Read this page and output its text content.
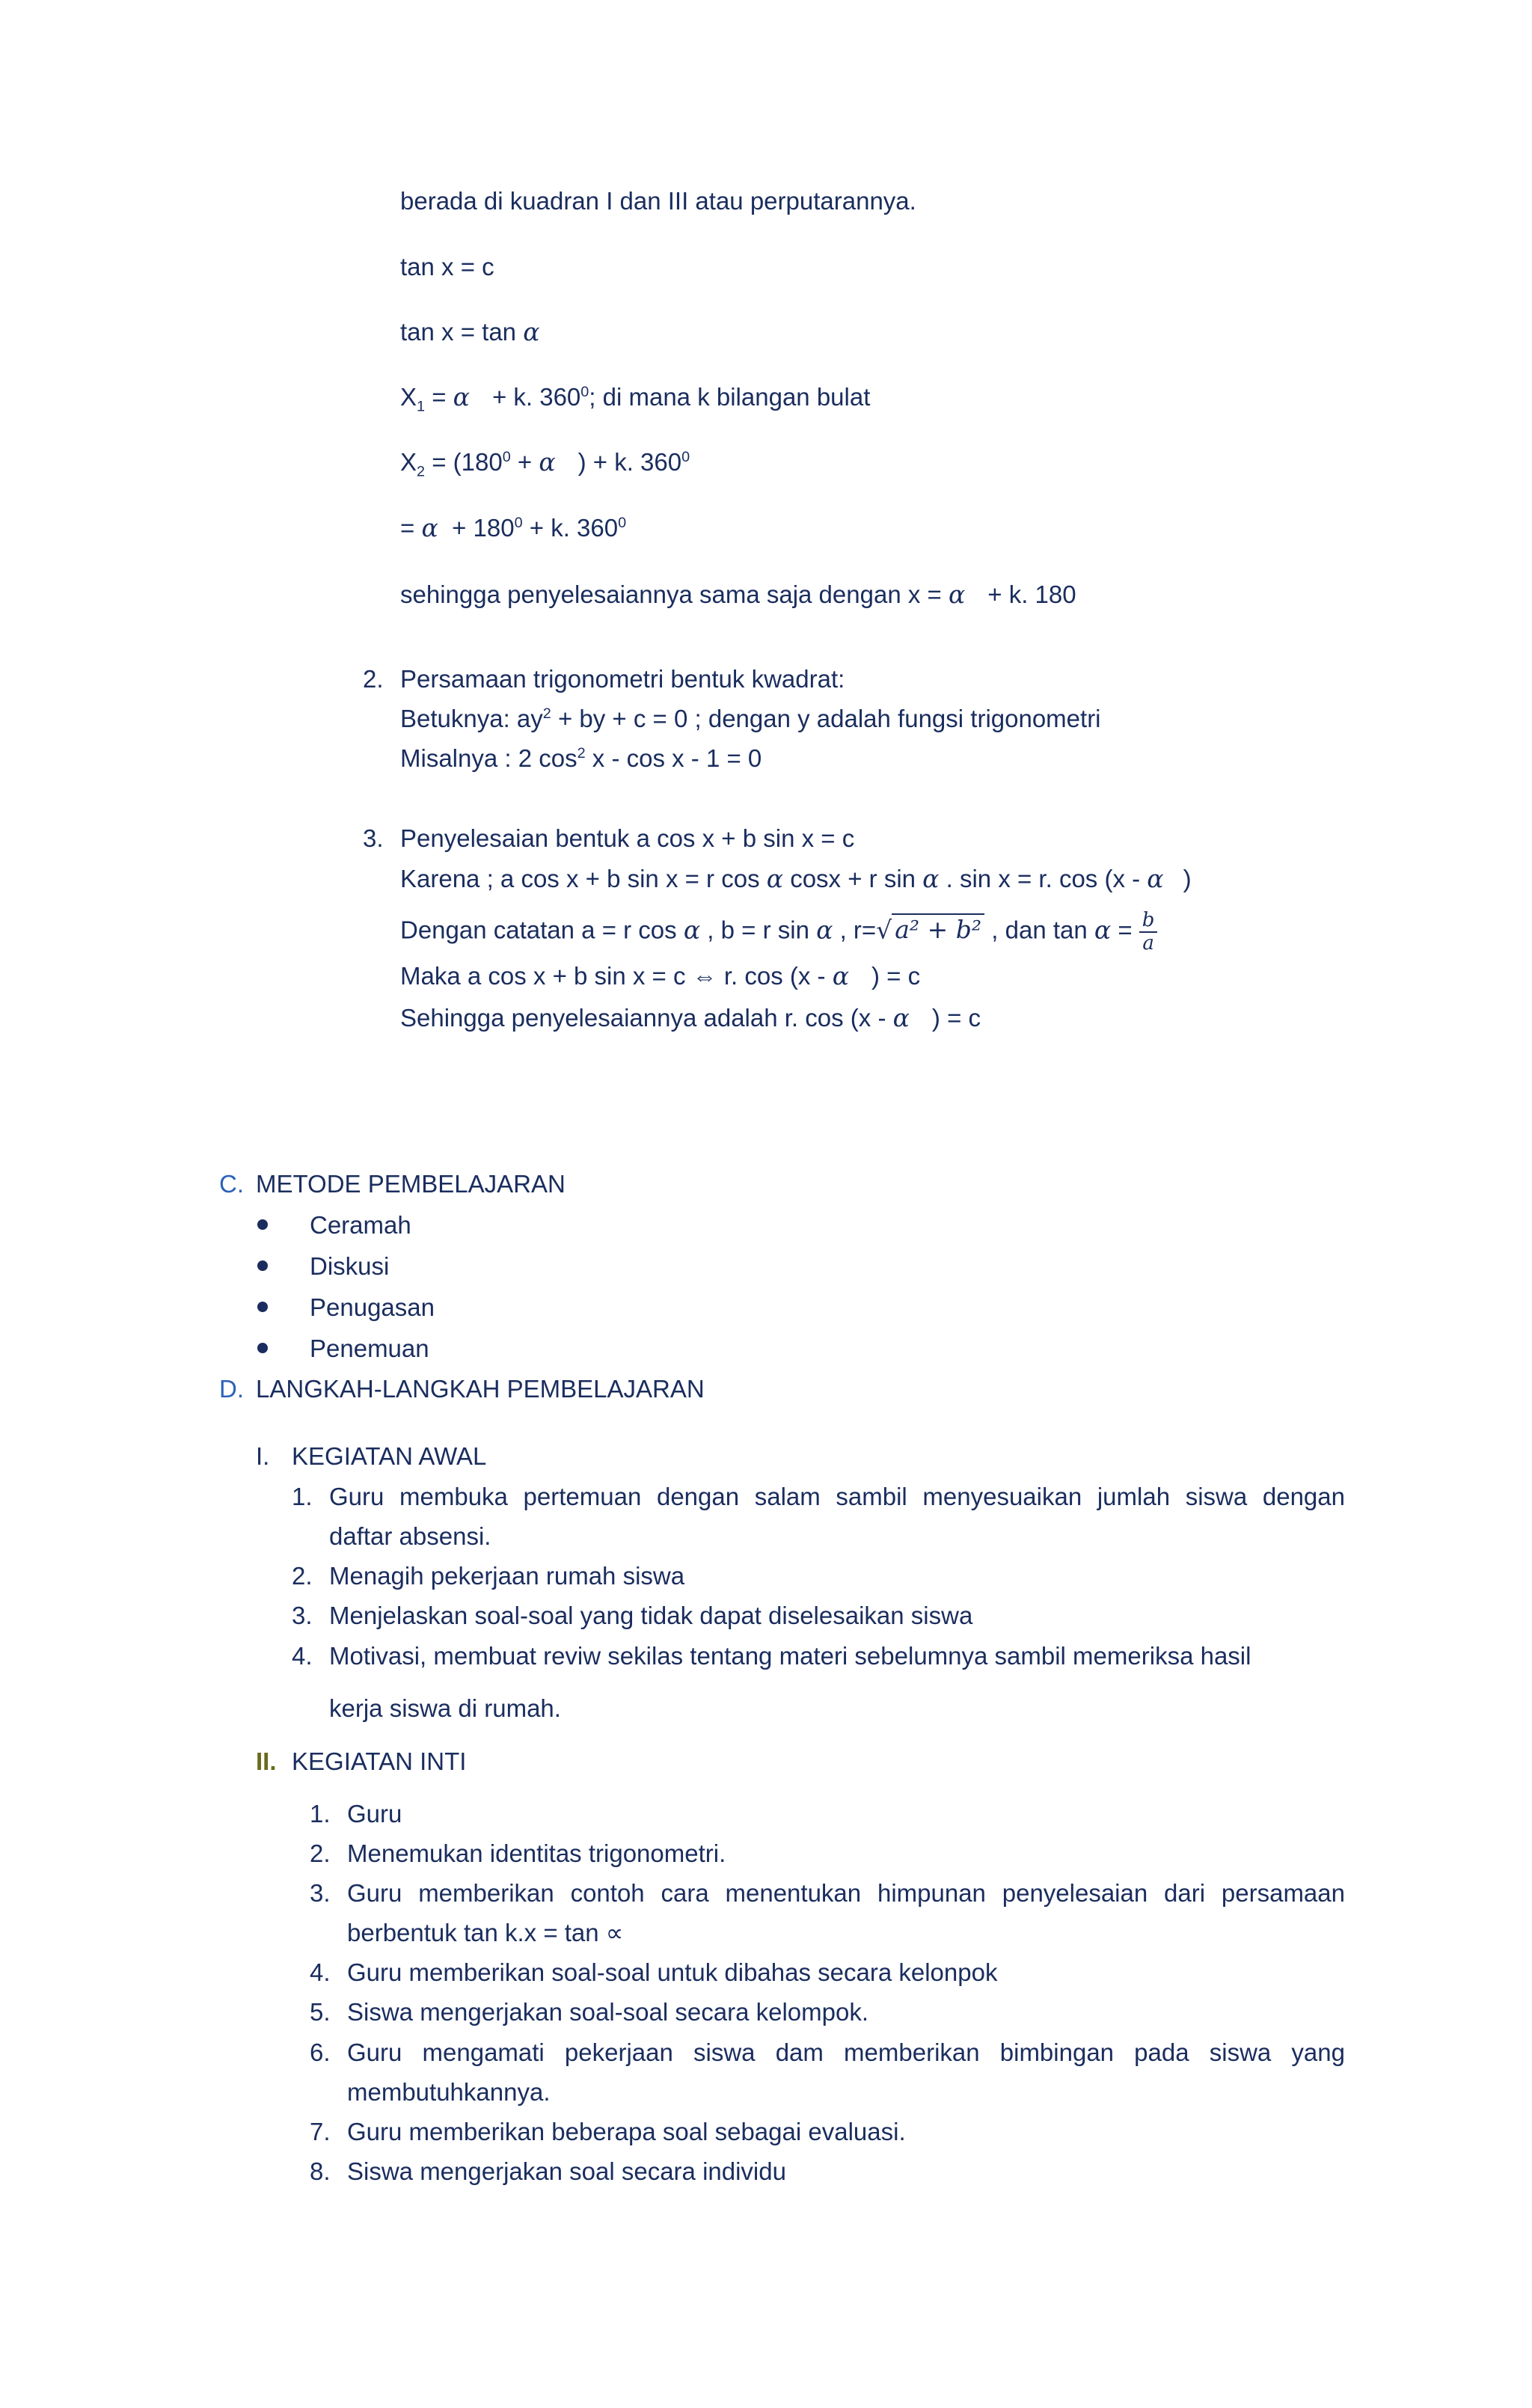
berada di kuadran I dan III atau perputarannya.
tan x = c
tan x = tan α
$X_1 = \alpha + k$. $360^0$; di mana k bilangan bulat
$X_2 = (180^0 + \alpha$ ) + k. $360^0$
= $\alpha + 180^0 + k$. $360^0$
sehingga penyelesaiannya sama saja dengan x = α + k. 180
2. Persamaan trigonometri bentuk kwadrat:
Betuknya: $ay^2$ + by + c = 0 ; dengan y adalah fungsi trigonometri
Misalnya : 2 $\cos^2 x - \cos x - 1 = 0$
3. Penyelesaian bentuk a cos x + b sin x = c
Karena ; a cos x + b sin x = r cos α cosx + r sin α . sin x = r. cos (x - α )
Dengan catatan a = r cos α , b = r sin α , r=√ a² + b² , dan $\tan \alpha = \frac{b}{a}$
Maka a cos x + b sin x = c ⇔ r. cos (x - α ) = c
Sehingga penyelesaiannya adalah r. cos (x - α ) = c
C. METODE PEMBELAJARAN
Ceramah
Diskusi
Penugasan
Penemuan
D. LANGKAH-LANGKAH PEMBELAJARAN
I. KEGIATAN AWAL
1. Guru membuka pertemuan dengan salam sambil menyesuaikan jumlah siswa dengan
daftar absensi.
2. Menagih pekerjaan rumah siswa
3. Menjelaskan soal-soal yang tidak dapat diselesaikan siswa
4. Motivasi, membuat reviw sekilas tentang materi sebelumnya sambil memeriksa hasil
kerja siswa di rumah.
II. KEGIATAN INTI
1. Guru
2. Menemukan identitas trigonometri.
3. Guru memberikan contoh cara menentukan himpunan penyelesaian dari persamaan
berbentuk tan k.x = tan ∝
4. Guru memberikan soal-soal untuk dibahas secara kelonpok
5. Siswa mengerjakan soal-soal secara kelompok.
6. Guru mengamati pekerjaan siswa dam memberikan bimbingan pada siswa yang
membutuhkannya.
7. Guru memberikan beberapa soal sebagai evaluasi.
8. Siswa mengerjakan soal secara individu
